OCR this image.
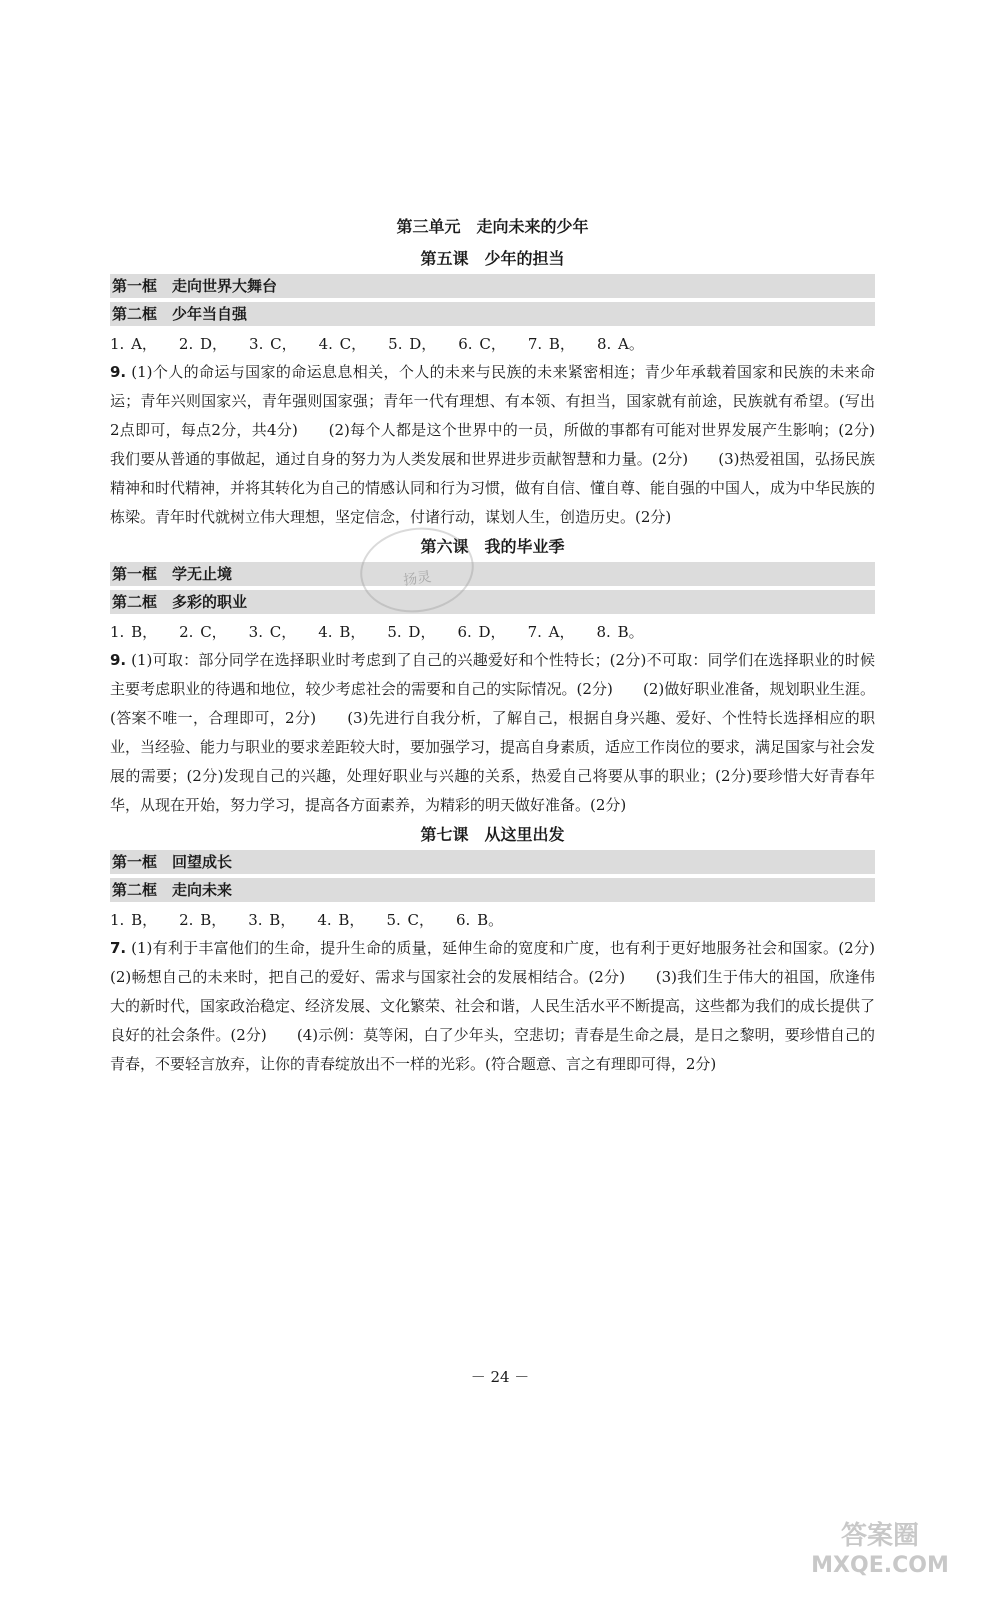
第三单元　走向未来的少年
第五课　少年的担当
第一框　走向世界大舞台
第二框　少年当自强
1. A， 2. D， 3. C， 4. C， 5. D， 6. C， 7. B， 8. A。
9. (1)个人的命运与国家的命运息息相关，个人的未来与民族的未来紧密相连；青少年承载着国家和民族的未来命运；青年兴则国家兴，青年强则国家强；青年一代有理想、有本领、有担当，国家就有前途，民族就有希望。(写出2点即可，每点2分，共4分)　　(2)每个人都是这个世界中的一员，所做的事都有可能对世界发展产生影响；(2分)我们要从普通的事做起，通过自身的努力为人类发展和世界进步贡献智慧和力量。(2分)　　(3)热爱祖国，弘扬民族精神和时代精神，并将其转化为自己的情感认同和行为习惯，做有自信、懂自尊、能自强的中国人，成为中华民族的栋梁。青年时代就树立伟大理想，坚定信念，付诸行动，谋划人生，创造历史。(2分)
第六课　我的毕业季
第一框　学无止境
第二框　多彩的职业
1. B， 2. C， 3. C， 4. B， 5. D， 6. D， 7. A， 8. B。
9. (1)可取：部分同学在选择职业时考虑到了自己的兴趣爱好和个性特长；(2分)不可取：同学们在选择职业的时候主要考虑职业的待遇和地位，较少考虑社会的需要和自己的实际情况。(2分)　　(2)做好职业准备，规划职业生涯。(答案不唯一，合理即可，2分)　　(3)先进行自我分析，了解自己，根据自身兴趣、爱好、个性特长选择相应的职业，当经验、能力与职业的要求差距较大时，要加强学习，提高自身素质，适应工作岗位的要求，满足国家与社会发展的需要；(2分)发现自己的兴趣，处理好职业与兴趣的关系，热爱自己将要从事的职业；(2分)要珍惜大好青春年华，从现在开始，努力学习，提高各方面素养，为精彩的明天做好准备。(2分)
第七课　从这里出发
第一框　回望成长
第二框　走向未来
1. B， 2. B， 3. B， 4. B， 5. C， 6. B。
7. (1)有利于丰富他们的生命，提升生命的质量，延伸生命的宽度和广度，也有利于更好地服务社会和国家。(2分)　　(2)畅想自己的未来时，把自己的爱好、需求与国家社会的发展相结合。(2分)　　(3)我们生于伟大的祖国，欣逢伟大的新时代，国家政治稳定、经济发展、文化繁荣、社会和谐，人民生活水平不断提高，这些都为我们的成长提供了良好的社会条件。(2分)　　(4)示例：莫等闲，白了少年头，空悲切；青春是生命之晨，是日之黎明，要珍惜自己的青春，不要轻言放弃，让你的青春绽放出不一样的光彩。(符合题意、言之有理即可得，2分)
扬灵
－ 24 －
答案圈
MXQE.COM
